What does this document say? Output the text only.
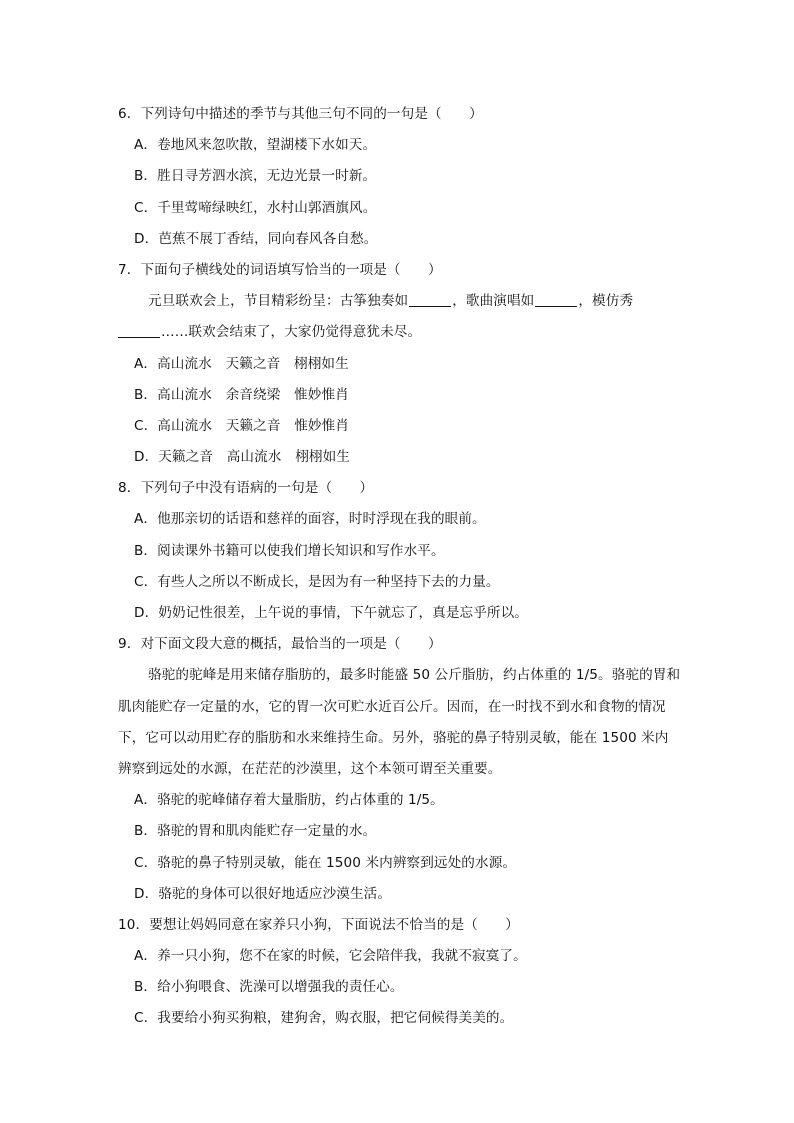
6．下列诗句中描述的季节与其他三句不同的一句是（　　）
A．卷地风来忽吹散，望湖楼下水如天。
B．胜日寻芳泗水滨，无边光景一时新。
C．千里莺啼绿映红，水村山郭酒旗风。
D．芭蕉不展丁香结，同向春风各自愁。
7．下面句子横线处的词语填写恰当的一项是（　　）
元旦联欢会上，节目精彩纷呈：古筝独奏如	，歌曲演唱如	，模仿秀
……联欢会结束了，大家仍觉得意犹未尽。
A．高山流水　天籁之音　栩栩如生
B．高山流水　余音绕梁　惟妙惟肖
C．高山流水　天籁之音　惟妙惟肖
D．天籁之音　高山流水　栩栩如生
8．下列句子中没有语病的一句是（　　）
A．他那亲切的话语和慈祥的面容，时时浮现在我的眼前。
B．阅读课外书籍可以使我们增长知识和写作水平。
C．有些人之所以不断成长，是因为有一种坚持下去的力量。
D．奶奶记性很差，上午说的事情，下午就忘了，真是忘乎所以。
9．对下面文段大意的概括，最恰当的一项是（　　）
骆驼的驼峰是用来储存脂肪的，最多时能盛 50 公斤脂肪，约占体重的 1/5。骆驼的胃和
肌肉能贮存一定量的水，它的胃一次可贮水近百公斤。因而，在一时找不到水和食物的情况
下，它可以动用贮存的脂肪和水来维持生命。另外，骆驼的鼻子特别灵敏，能在 1500 米内
辨察到远处的水源，在茫茫的沙漠里，这个本领可谓至关重要。
A．骆驼的驼峰储存着大量脂肪，约占体重的 1/5。
B．骆驼的胃和肌肉能贮存一定量的水。
C．骆驼的鼻子特别灵敏，能在 1500 米内辨察到远处的水源。
D．骆驼的身体可以很好地适应沙漠生活。
10．要想让妈妈同意在家养只小狗，下面说法不恰当的是（　　）
A．养一只小狗，您不在家的时候，它会陪伴我，我就不寂寞了。
B．给小狗喂食、洗澡可以增强我的责任心。
C．我要给小狗买狗粮，建狗舍，购衣服，把它伺候得美美的。
